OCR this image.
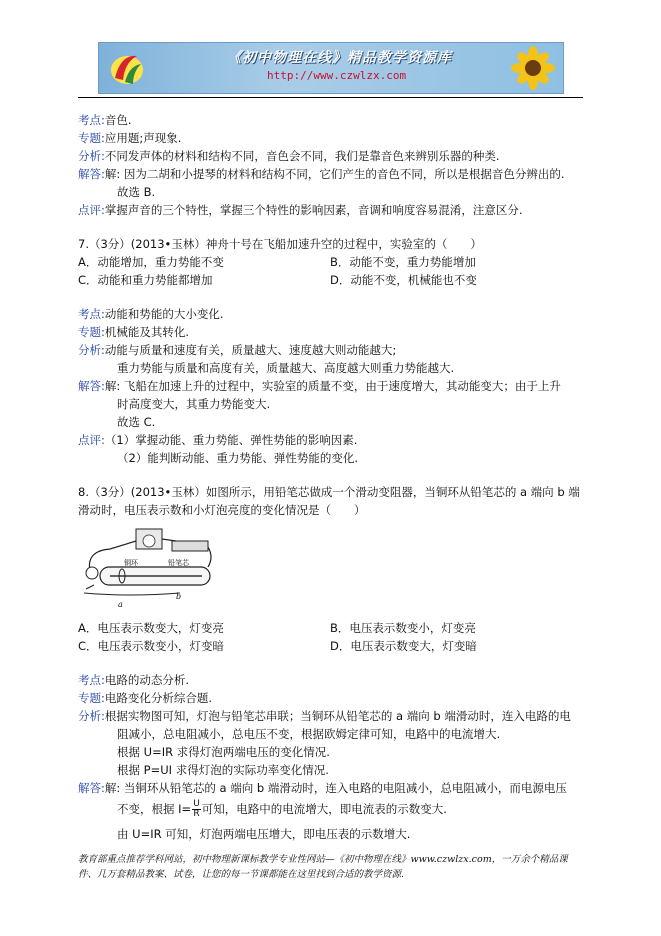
《初中物理在线》精品教学资源库
http://www.czwlzx.com
考点:音色.
专题:应用题;声现象.
分析:不同发声体的材料和结构不同，音色会不同，我们是靠音色来辨别乐器的种类.
解答:解: 因为二胡和小提琴的材料和结构不同，它们产生的音色不同，所以是根据音色分辨出的.
故选 B.
点评:掌握声音的三个特性，掌握三个特性的影响因素，音调和响度容易混淆，注意区分.
7.（3分）(2013•玉林）神舟十号在飞船加速升空的过程中，实验室的（　　）
A．动能增加，重力势能不变	B．动能不变，重力势能增加
C．动能和重力势能都增加	D．动能不变，机械能也不变
考点:动能和势能的大小变化.
专题:机械能及其转化.
分析:动能与质量和速度有关，质量越大、速度越大则动能越大;
重力势能与质量和高度有关，质量越大、高度越大则重力势能越大.
解答:解: 飞船在加速上升的过程中，实验室的质量不变，由于速度增大，其动能变大；由于上升
时高度变大，其重力势能变大.
故选 C.
点评:（1）掌握动能、重力势能、弹性势能的影响因素.
（2）能判断动能、重力势能、弹性势能的变化.
8.（3分）(2013•玉林）如图所示，用铅笔芯做成一个滑动变阻器，当铜环从铅笔芯的 a 端向 b 端
滑动时，电压表示数和小灯泡亮度的变化情况是（　　）
铜环	铅笔芯
a
b
A．电压表示数变大，灯变亮	B．电压表示数变小，灯变亮
C．电压表示数变小，灯变暗	D．电压表示数变大，灯变暗
考点:电路的动态分析.
专题:电路变化分析综合题.
分析:根据实物图可知，灯泡与铅笔芯串联；当铜环从铅笔芯的 a 端向 b 端滑动时，连入电路的电
阻减小，总电阻减小，总电压不变，根据欧姆定律可知，电路中的电流增大.
根据 U=IR 求得灯泡两端电压的变化情况.
根据 P=UI 求得灯泡的实际功率变化情况.
解答:解: 当铜环从铅笔芯的 a 端向 b 端滑动时，连入电路的电阻减小，总电阻减小，而电源电压
不变，根据 $I= \frac{U}{R}$ 可知，电路中的电流增大，即电流表的示数变大.
由 U=IR 可知，灯泡两端电压增大，即电压表的示数增大.
教育部重点推荐学科网站，初中物理新课标教学专业性网站—《初中物理在线》www.czwlzx.com，一万余个精品课
件、几万套精品教案、试卷，让您的每一节课都能在这里找到合适的教学资源.
